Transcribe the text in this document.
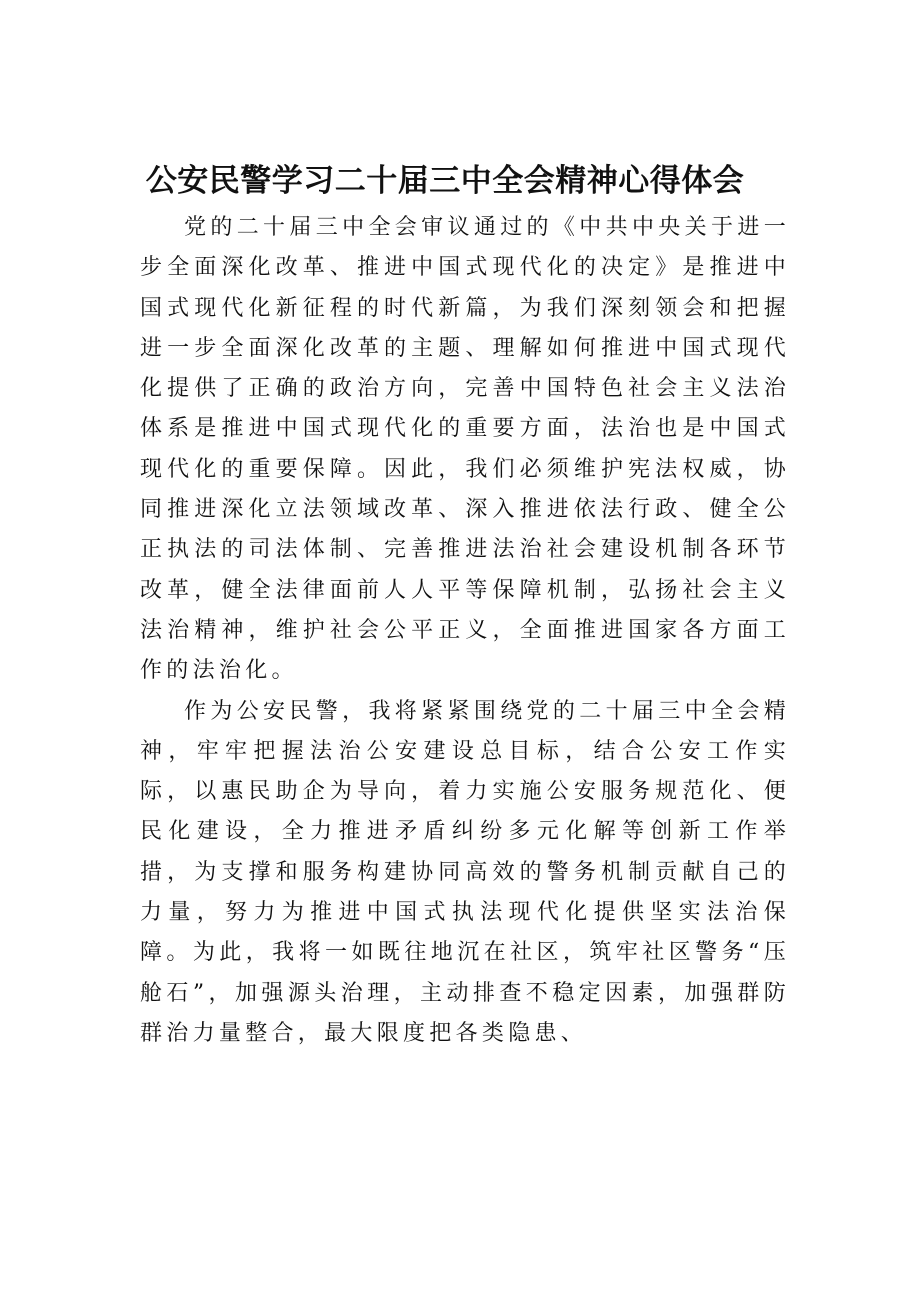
公安民警学习二十届三中全会精神心得体会

党的二十届三中全会审议通过的《中共中央关于进一步全面深化改革、推进中国式现代化的决定》是推进中国式现代化新征程的时代新篇，为我们深刻领会和把握进一步全面深化改革的主题、理解如何推进中国式现代化提供了正确的政治方向，完善中国特色社会主义法治体系是推进中国式现代化的重要方面，法治也是中国式现代化的重要保障。因此，我们必须维护宪法权威，协同推进深化立法领域改革、深入推进依法行政、健全公正执法的司法体制、完善推进法治社会建设机制各环节改革，健全法律面前人人平等保障机制，弘扬社会主义法治精神，维护社会公平正义，全面推进国家各方面工作的法治化。

作为公安民警，我将紧紧围绕党的二十届三中全会精神，牢牢把握法治公安建设总目标，结合公安工作实际，以惠民助企为导向，着力实施公安服务规范化、便民化建设，全力推进矛盾纠纷多元化解等创新工作举措，为支撑和服务构建协同高效的警务机制贡献自己的力量，努力为推进中国式执法现代化提供坚实法治保障。为此，我将一如既往地沉在社区，筑牢社区警务“压舱石”，加强源头治理，主动排查不稳定因素，加强群防群治力量整合，最大限度把各类隐患、
